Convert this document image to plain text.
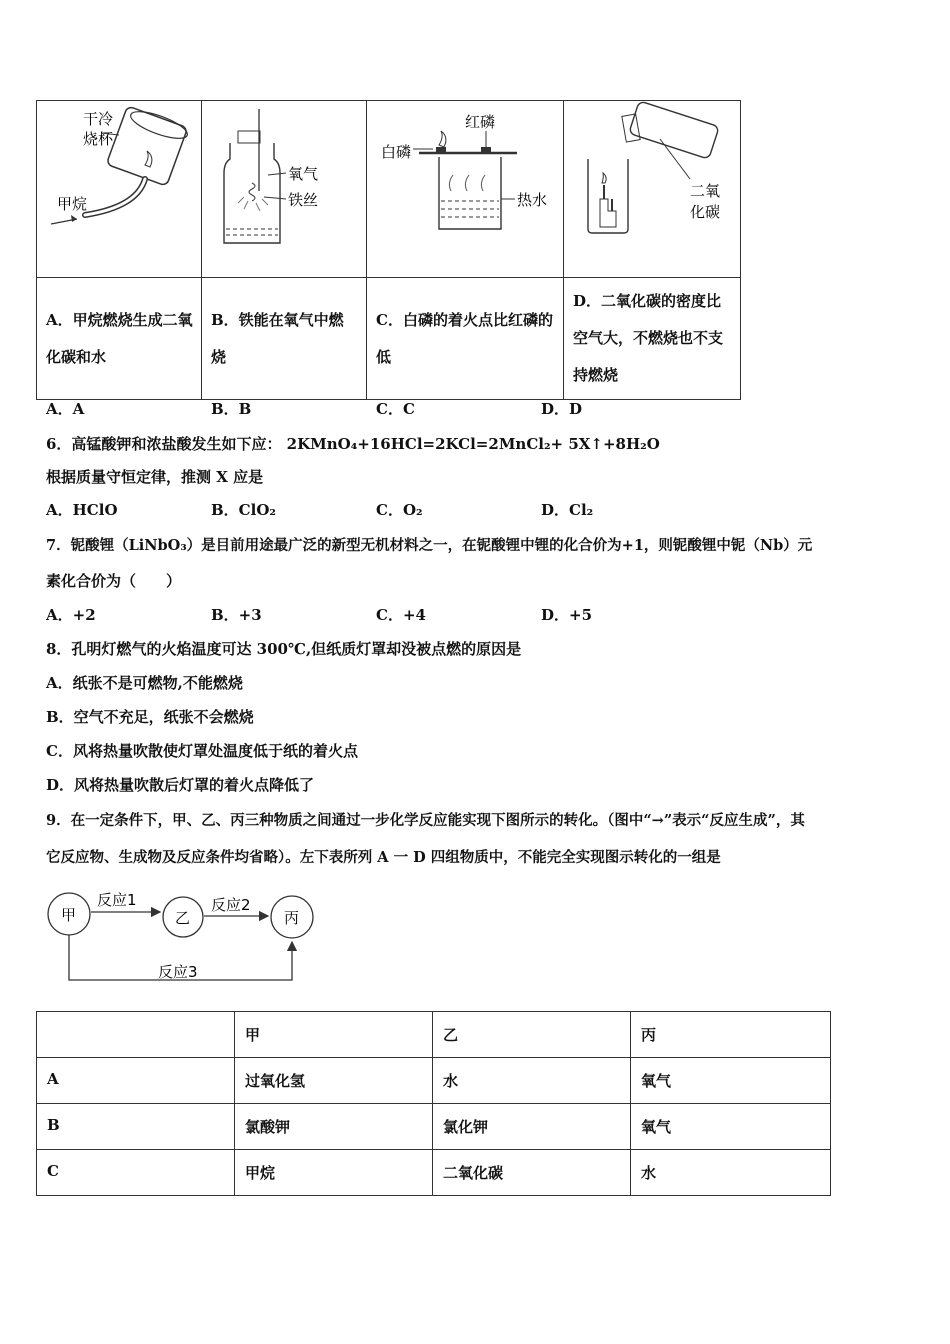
干冷
烧杯
甲烷	氧气
铁丝	红磷
白磷
热水	二氧
化碳

A．甲烷燃烧生成二氧化碳和水	B．铁能在氧气中燃烧	C．白磷的着火点比红磷的低	D．二氧化碳的密度比空气大，不燃烧也不支持燃烧
A．A	B．B	C．C	D．D
6．高锰酸钾和浓盐酸发生如下应： 2KMnO₄+16HCl=2KCl=2MnCl₂+ 5X↑+8H₂O
根据质量守恒定律，推测 X 应是
A．HClO	B．ClO₂	C．O₂	D．Cl₂
7．铌酸锂（LiNbO₃）是目前用途最广泛的新型无机材料之一，在铌酸锂中锂的化合价为+1，则铌酸锂中铌（Nb）元
素化合价为（　　）
A．+2	B．+3	C．+4	D．+5
8．孔明灯燃气的火焰温度可达 300℃,但纸质灯罩却没被点燃的原因是
A．纸张不是可燃物,不能燃烧
B．空气不充足，纸张不会燃烧
C．风将热量吹散使灯罩处温度低于纸的着火点
D．风将热量吹散后灯罩的着火点降低了
9．在一定条件下，甲、乙、丙三种物质之间通过一步化学反应能实现下图所示的转化。（图中“→”表示“反应生成”，其
它反应物、生成物及反应条件均省略）。左下表所列 A 一 D 四组物质中，不能完全实现图示转化的一组是
甲	乙	丙
反应1	反应2
反应3
	甲	乙	丙
A	过氧化氢	水	氧气
B	氯酸钾	氯化钾	氧气
C	甲烷	二氧化碳	水
